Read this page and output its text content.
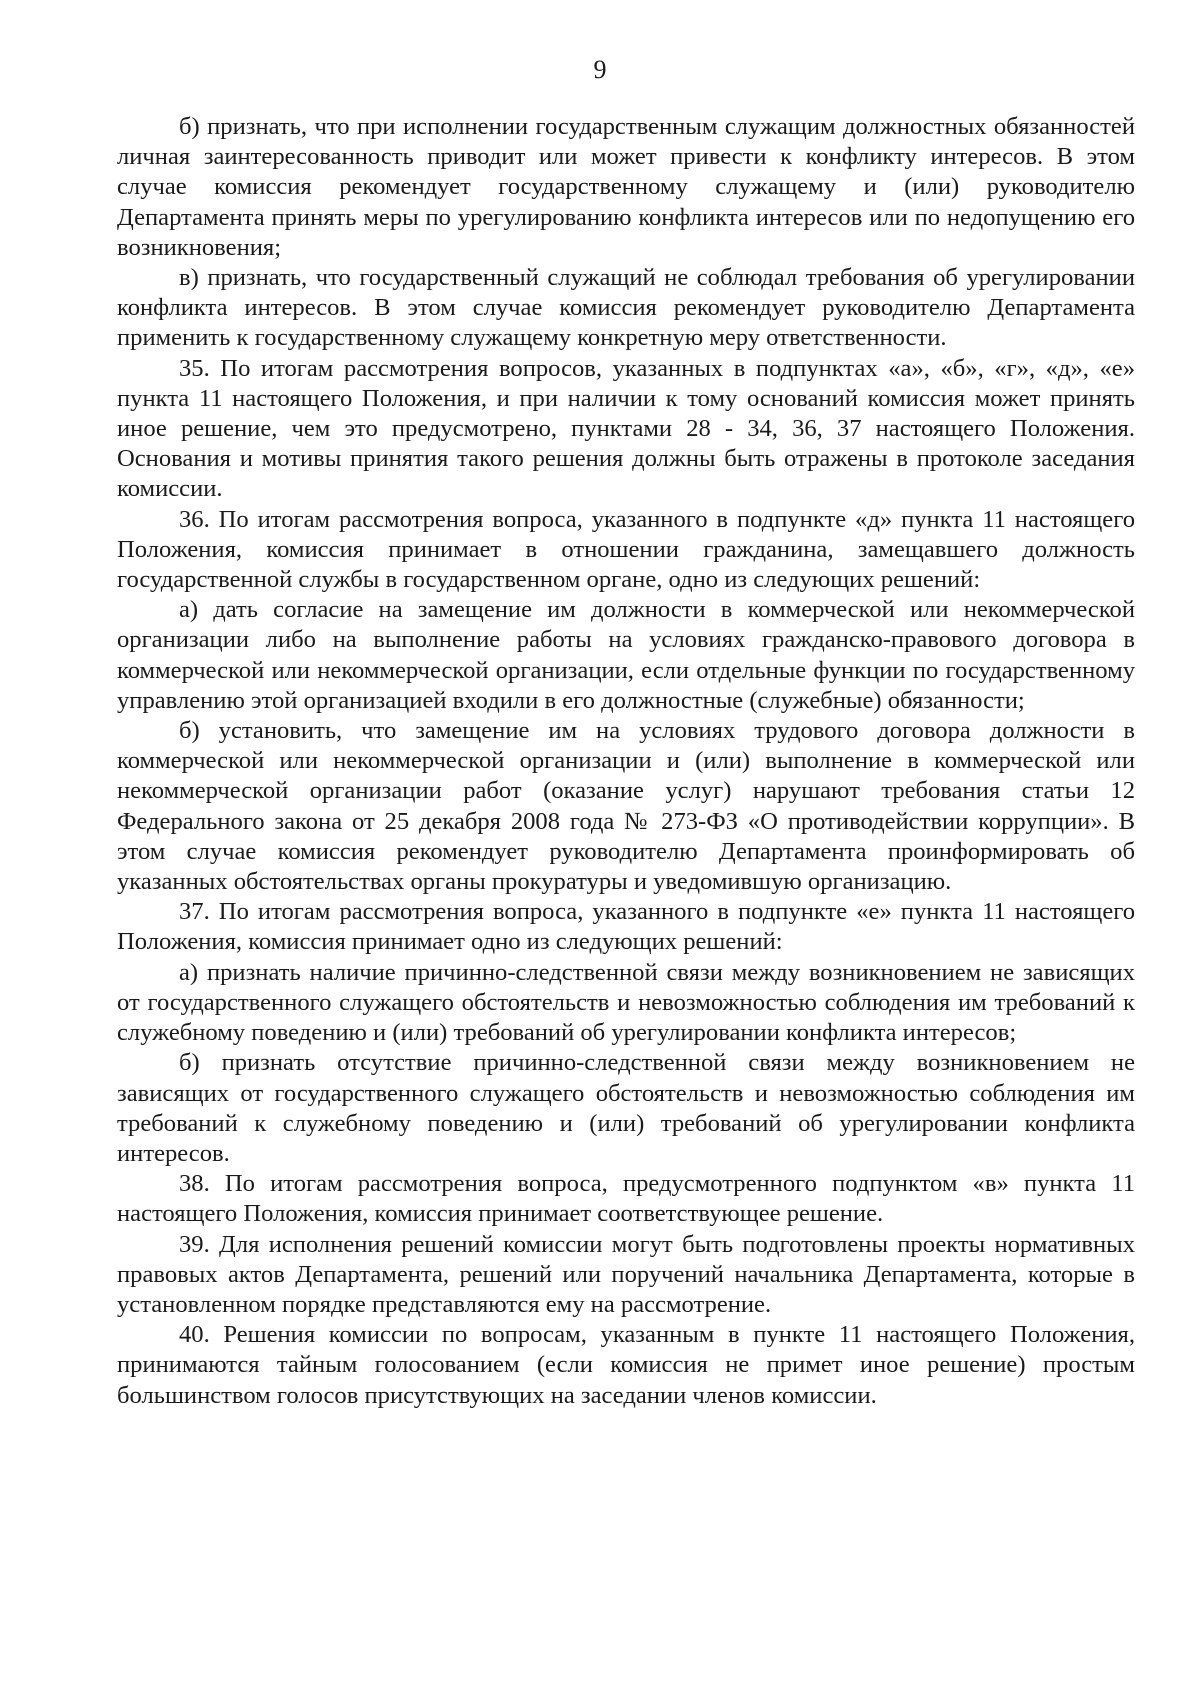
9

б) признать, что при исполнении государственным служащим должностных обязанностей личная заинтересованность приводит или может привести к конфликту интересов. В этом случае комиссия рекомендует государственному служащему и (или) руководителю Департамента принять меры по урегулированию конфликта интересов или по недопущению его возникновения;

в) признать, что государственный служащий не соблюдал требования об урегулировании конфликта интересов. В этом случае комиссия рекомендует руководителю Департамента применить к государственному служащему конкретную меру ответственности.

35. По итогам рассмотрения вопросов, указанных в подпунктах «а», «б», «г», «д», «е» пункта 11 настоящего Положения, и при наличии к тому оснований комиссия может принять иное решение, чем это предусмотрено, пунктами 28 - 34, 36, 37 настоящего Положения. Основания и мотивы принятия такого решения должны быть отражены в протоколе заседания комиссии.

36. По итогам рассмотрения вопроса, указанного в подпункте «д» пункта 11 настоящего Положения, комиссия принимает в отношении гражданина, замещавшего должность государственной службы в государственном органе, одно из следующих решений:

а) дать согласие на замещение им должности в коммерческой или некоммерческой организации либо на выполнение работы на условиях гражданско-правового договора в коммерческой или некоммерческой организации, если отдельные функции по государственному управлению этой организацией входили в его должностные (служебные) обязанности;

б) установить, что замещение им на условиях трудового договора должности в коммерческой или некоммерческой организации и (или) выполнение в коммерческой или некоммерческой организации работ (оказание услуг) нарушают требования статьи 12 Федерального закона от 25 декабря 2008 года № 273-ФЗ «О противодействии коррупции». В этом случае комиссия рекомендует руководителю Департамента проинформировать об указанных обстоятельствах органы прокуратуры и уведомившую организацию.

37. По итогам рассмотрения вопроса, указанного в подпункте «е» пункта 11 настоящего Положения, комиссия принимает одно из следующих решений:

а) признать наличие причинно-следственной связи между возникновением не зависящих от государственного служащего обстоятельств и невозможностью соблюдения им требований к служебному поведению и (или) требований об урегулировании конфликта интересов;

б) признать отсутствие причинно-следственной связи между возникновением не зависящих от государственного служащего обстоятельств и невозможностью соблюдения им требований к служебному поведению и (или) требований об урегулировании конфликта интересов.

38. По итогам рассмотрения вопроса, предусмотренного подпунктом «в» пункта 11 настоящего Положения, комиссия принимает соответствующее решение.

39. Для исполнения решений комиссии могут быть подготовлены проекты нормативных правовых актов Департамента, решений или поручений начальника Департамента, которые в установленном порядке представляются ему на рассмотрение.

40. Решения комиссии по вопросам, указанным в пункте 11 настоящего Положения, принимаются тайным голосованием (если комиссия не примет иное решение) простым большинством голосов присутствующих на заседании членов комиссии.
